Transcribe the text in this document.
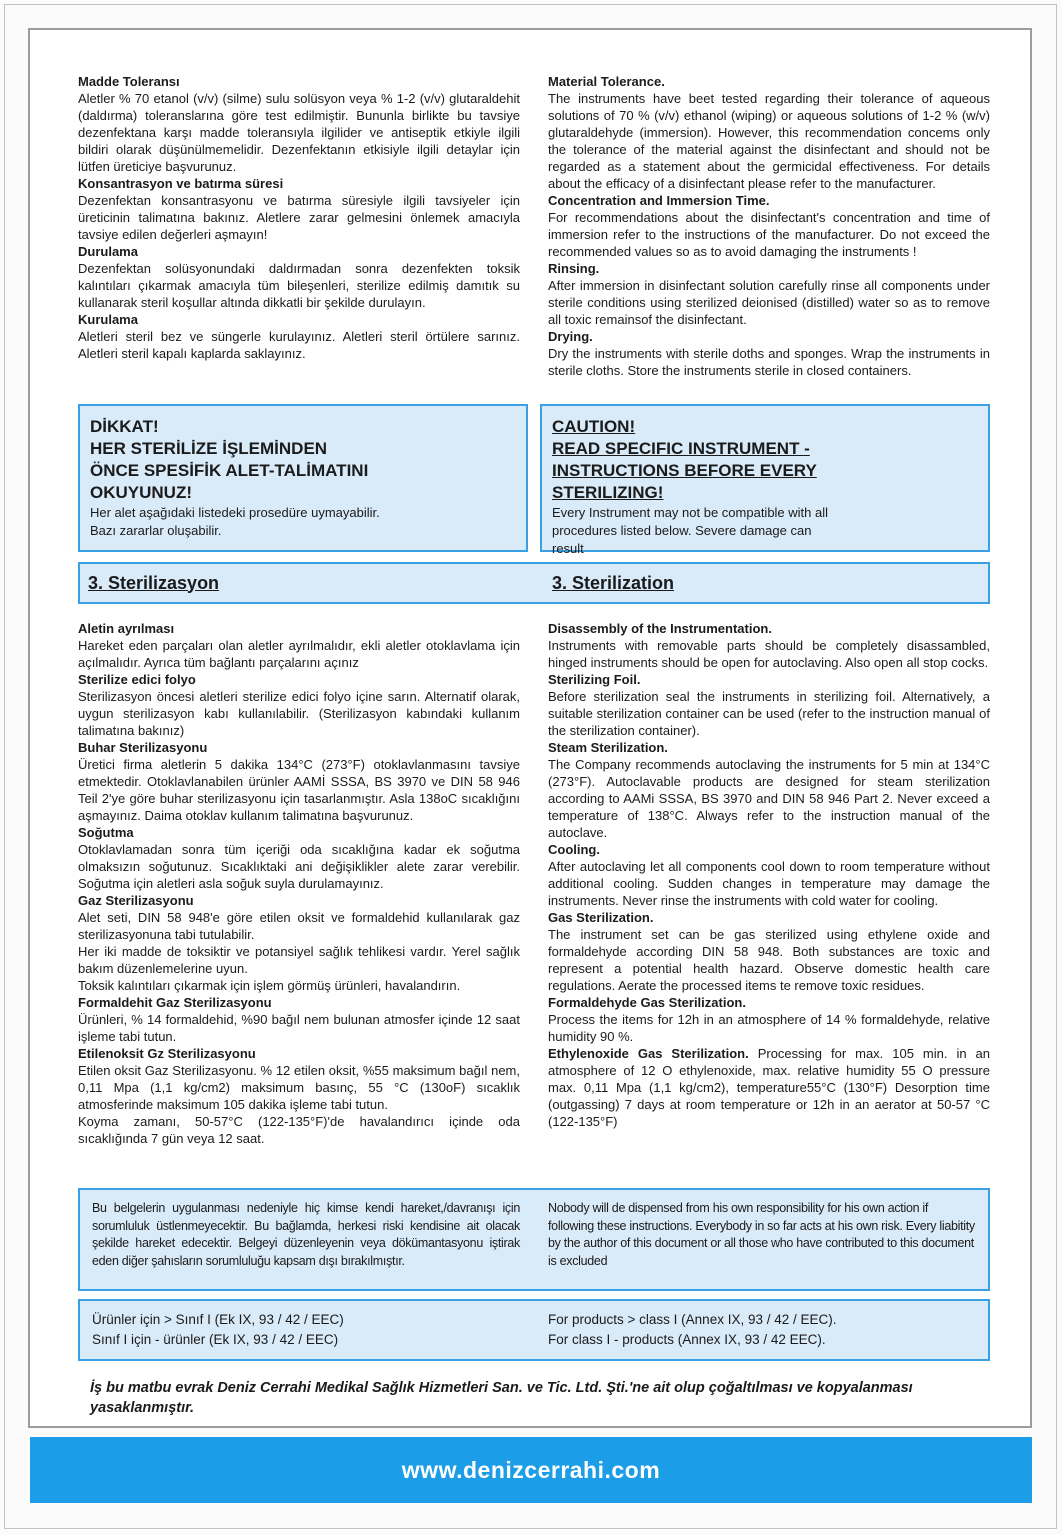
Madde Toleransı
Aletler % 70 etanol (v/v) (silme) sulu solüsyon veya % 1-2 (v/v) glutaraldehit (daldırma) toleranslarına göre test edilmiştir. Bununla birlikte bu tavsiye dezenfektana karşı madde toleransıyla ilgilider ve antiseptik etkiyle ilgili bildiri olarak düşünülmemelidir. Dezenfektanın etkisiyle ilgili detaylar için lütfen üreticiye başvurunuz.
Konsantrasyon ve batırma süresi
Dezenfektan konsantrasyonu ve batırma süresiyle ilgili tavsiyeler için üreticinin talimatına bakınız. Aletlere zarar gelmesini önlemek amacıyla tavsiye edilen değerleri aşmayın!
Durulama
Dezenfektan solüsyonundaki daldırmadan sonra dezenfekten toksik kalıntıları çıkarmak amacıyla tüm bileşenleri, sterilize edilmiş damıtık su kullanarak steril koşullar altında dikkatli bir şekilde durulayın.
Kurulama
Aletleri steril bez ve süngerle kurulayınız. Aletleri steril örtülere sarınız. Aletleri steril kapalı kaplarda saklayınız.
Material Tolerance.
The instruments have beet tested regarding their tolerance of aqueous solutions of 70 % (v/v) ethanol (wiping) or aqueous solutions of 1-2 % (w/v) glutaraldehyde (immersion). However, this recommendation concems only the tolerance of the material against the disinfectant and should not be regarded as a statement about the germicidal effectiveness. For details about the efficacy of a disinfectant please refer to the manufacturer.
Concentration and Immersion Time.
For recommendations about the disinfectant's concentration and time of immersion refer to the instructions of the manufacturer. Do not exceed the recommended values so as to avoid damaging the instruments !
Rinsing.
After immersion in disinfectant solution carefully rinse all components under sterile conditions using sterilized deionised (distilled) water so as to remove all toxic remainsof the disinfectant.
Drying.
Dry the instruments with sterile doths and sponges. Wrap the instruments in sterile cloths. Store the instruments sterile in closed containers.
DİKKAT!
HER STERİLİZE İŞLEMİNDEN
ÖNCE SPESİFİK ALET-TALİMATINI
OKUYUNUZ!
Her alet aşağıdaki listedeki prosedüre uymayabilir.
Bazı zararlar oluşabilir.
CAUTION!
READ SPECIFIC INSTRUMENT -
INSTRUCTIONS BEFORE EVERY
STERILIZING!
Every Instrument may not be compatible with all
procedures listed below. Severe damage can
result
3. Sterilizasyon	3. Sterilization
Aletin ayrılması
Hareket eden parçaları olan aletler ayrılmalıdır, ekli aletler otoklavlama için açılmalıdır. Ayrıca tüm bağlantı parçalarını açınız
Sterilize edici folyo
Sterilizasyon öncesi aletleri sterilize edici folyo içine sarın. Alternatif olarak, uygun sterilizasyon kabı kullanılabilir. (Sterilizasyon kabındaki kullanım talimatına bakınız)
Buhar Sterilizasyonu
Üretici firma aletlerin 5 dakika 134°C (273°F) otoklavlanmasını tavsiye etmektedir. Otoklavlanabilen ürünler AAMİ SSSA, BS 3970 ve DIN 58 946 Teil 2'ye göre buhar sterilizasyonu için tasarlanmıştır. Asla 138oC sıcaklığını aşmayınız. Daima otoklav kullanım talimatına başvurunuz.
Soğutma
Otoklavlamadan sonra tüm içeriği oda sıcaklığına kadar ek soğutma olmaksızın soğutunuz. Sıcaklıktaki ani değişiklikler alete zarar verebilir. Soğutma için aletleri asla soğuk suyla durulamayınız.
Gaz Sterilizasyonu
Alet seti, DIN 58 948'e göre etilen oksit ve formaldehid kullanılarak gaz sterilizasyonuna tabi tutulabilir.
Her iki madde de toksiktir ve potansiyel sağlık tehlikesi vardır. Yerel sağlık bakım düzenlemelerine uyun.
Toksik kalıntıları çıkarmak için işlem görmüş ürünleri, havalandırın.
Formaldehit Gaz Sterilizasyonu
Ürünleri, % 14 formaldehid, %90 bağıl nem bulunan atmosfer içinde 12 saat işleme tabi tutun.
Etilenoksit Gz Sterilizasyonu
Etilen oksit Gaz Sterilizasyonu. % 12 etilen oksit, %55 maksimum bağıl nem, 0,11 Mpa (1,1 kg/cm2) maksimum basınç, 55 °C (130oF) sıcaklık atmosferinde maksimum 105 dakika işleme tabi tutun.
Koyma zamanı, 50-57°C (122-135°F)'de havalandırıcı içinde oda sıcaklığında 7 gün veya 12 saat.
Disassembly of the Instrumentation.
Instruments with removable parts should be completely disassambled, hinged instruments should be open for autoclaving. Also open all stop cocks.
Sterilizing Foil.
Before sterilization seal the instruments in sterilizing foil. Alternatively, a suitable sterilization container can be used (refer to the instruction manual of the sterilization container).
Steam Sterilization.
The Company recommends autoclaving the instruments for 5 min at 134°C (273°F). Autoclavable products are designed for steam sterilization according to AAMi SSSA, BS 3970 and DIN 58 946 Part 2. Never exceed a temperature of 138°C. Always refer to the instruction manual of the autoclave.
Cooling.
After autoclaving let all components cool down to room temperature without additional cooling. Sudden changes in temperature may damage the instruments. Never rinse the instruments with cold water for cooling.
Gas Sterilization.
The instrument set can be gas sterilized using ethylene oxide and formaldehyde according DIN 58 948. Both substances are toxic and represent a potential health hazard. Observe domestic health care regulations. Aerate the processed items te remove toxic residues.
Formaldehyde Gas Sterilization.
Process the items for 12h in an atmosphere of 14 % formaldehyde, relative humidity 90 %.
Ethylenoxide Gas Sterilization. Processing for max. 105 min. in an atmosphere of 12 O ethylenoxide, max. relative humidity 55 O pressure max. 0,11 Mpa (1,1 kg/cm2), temperature55°C (130°F) Desorption time (outgassing) 7 days at room temperature or 12h in an aerator at 50-57 °C (122-135°F)
Bu belgelerin uygulanması nedeniyle hiç kimse kendi hareket,/davranışı için sorumluluk üstlenmeyecektir. Bu bağlamda, herkesi riski kendisine ait olacak şekilde hareket edecektir. Belgeyi düzenleyenin veya dökümantasyonu iştirak eden diğer şahısların sorumluluğu kapsam dışı bırakılmıştır.
Nobody will de dispensed from his own responsibility for his own action if following these instructions. Everybody in so far acts at his own risk. Every liabitity by the author of this document or all those who have contributed to this document is excluded
Ürünler için > Sınıf I (Ek IX, 93 / 42 / EEC)
Sınıf I için - ürünler (Ek IX, 93 / 42 / EEC)
For products > class I (Annex IX, 93 / 42 / EEC).
For class I - products (Annex IX, 93 / 42 EEC).
İş bu matbu evrak Deniz Cerrahi Medikal Sağlık Hizmetleri San. ve Tic. Ltd. Şti.'ne ait olup çoğaltılması ve kopyalanması yasaklanmıştır.
www.denizcerrahi.com
